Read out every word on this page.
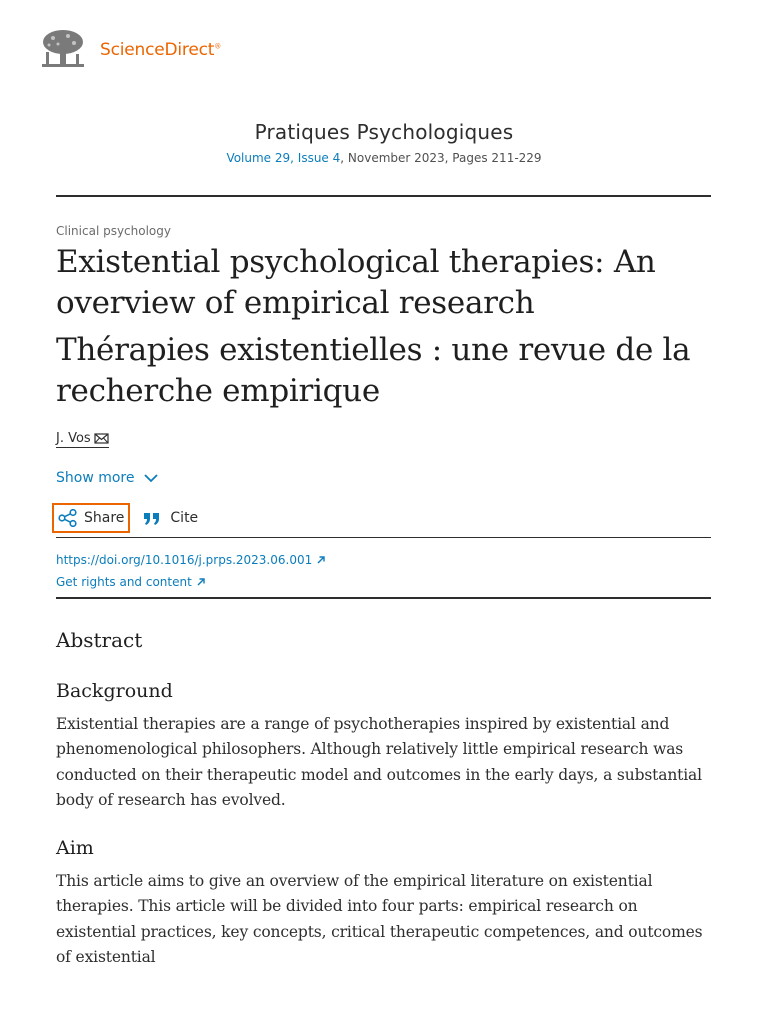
ScienceDirect®
Pratiques Psychologiques
Volume 29, Issue 4, November 2023, Pages 211-229
Clinical psychology
Existential psychological therapies: An overview of empirical research
Thérapies existentielles : une revue de la recherche empirique
J. Vos
Show more
Share	Cite
https://doi.org/10.1016/j.prps.2023.06.001
Get rights and content
Abstract
Background

Existential therapies are a range of psychotherapies inspired by existential and phenomenological philosophers. Although relatively little empirical research was conducted on their therapeutic model and outcomes in the early days, a substantial body of research has evolved.

Aim

This article aims to give an overview of the empirical literature on existential therapies. This article will be divided into four parts: empirical research on existential practices, key concepts, critical therapeutic competences, and outcomes of existential
